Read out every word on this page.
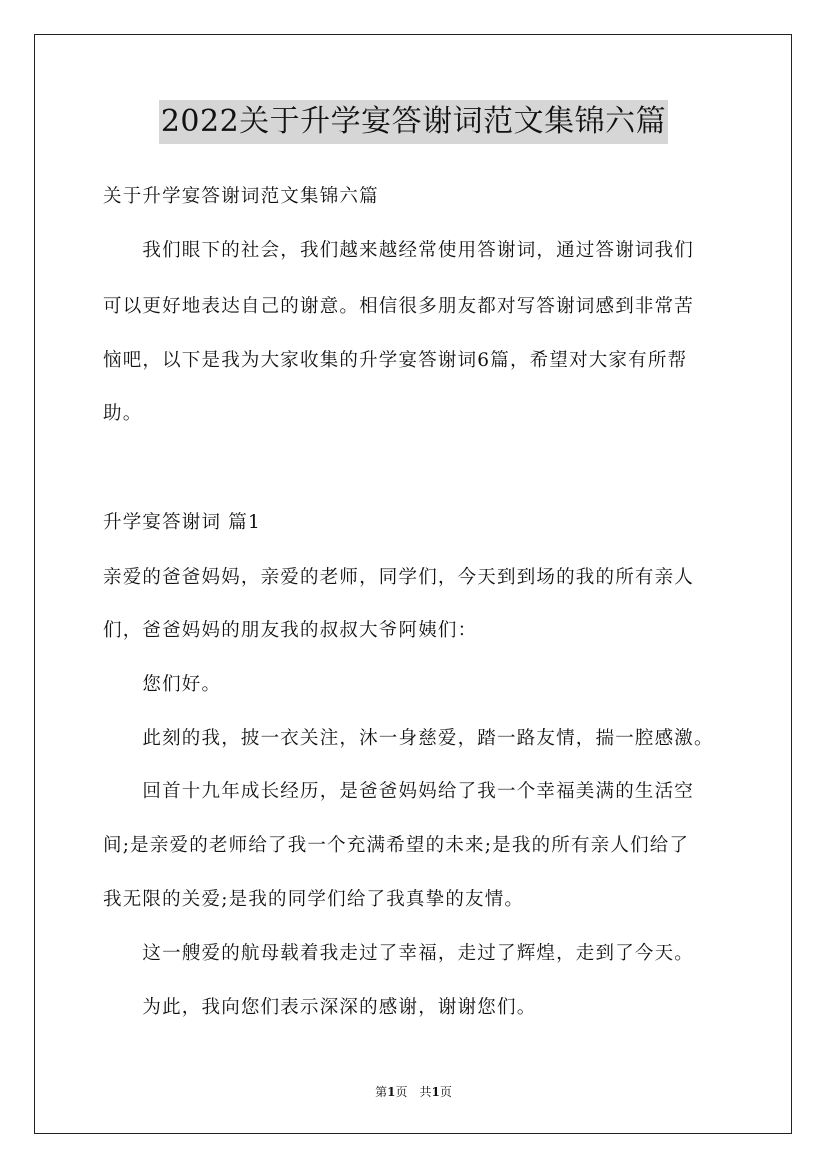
2022关于升学宴答谢词范文集锦六篇
关于升学宴答谢词范文集锦六篇
　　我们眼下的社会，我们越来越经常使用答谢词，通过答谢词我们
可以更好地表达自己的谢意。相信很多朋友都对写答谢词感到非常苦
恼吧，以下是我为大家收集的升学宴答谢词6篇，希望对大家有所帮
助。
升学宴答谢词 篇1
亲爱的爸爸妈妈，亲爱的老师，同学们，今天到到场的我的所有亲人
们，爸爸妈妈的朋友我的叔叔大爷阿姨们：
　　您们好。
　　此刻的我，披一衣关注，沐一身慈爱，踏一路友情，揣一腔感激。
　　回首十九年成长经历，是爸爸妈妈给了我一个幸福美满的生活空
间;是亲爱的老师给了我一个充满希望的未来;是我的所有亲人们给了
我无限的关爱;是我的同学们给了我真挚的友情。
　　这一艘爱的航母载着我走过了幸福，走过了辉煌，走到了今天。
　　为此，我向您们表示深深的感谢，谢谢您们。
第1页　共1页
